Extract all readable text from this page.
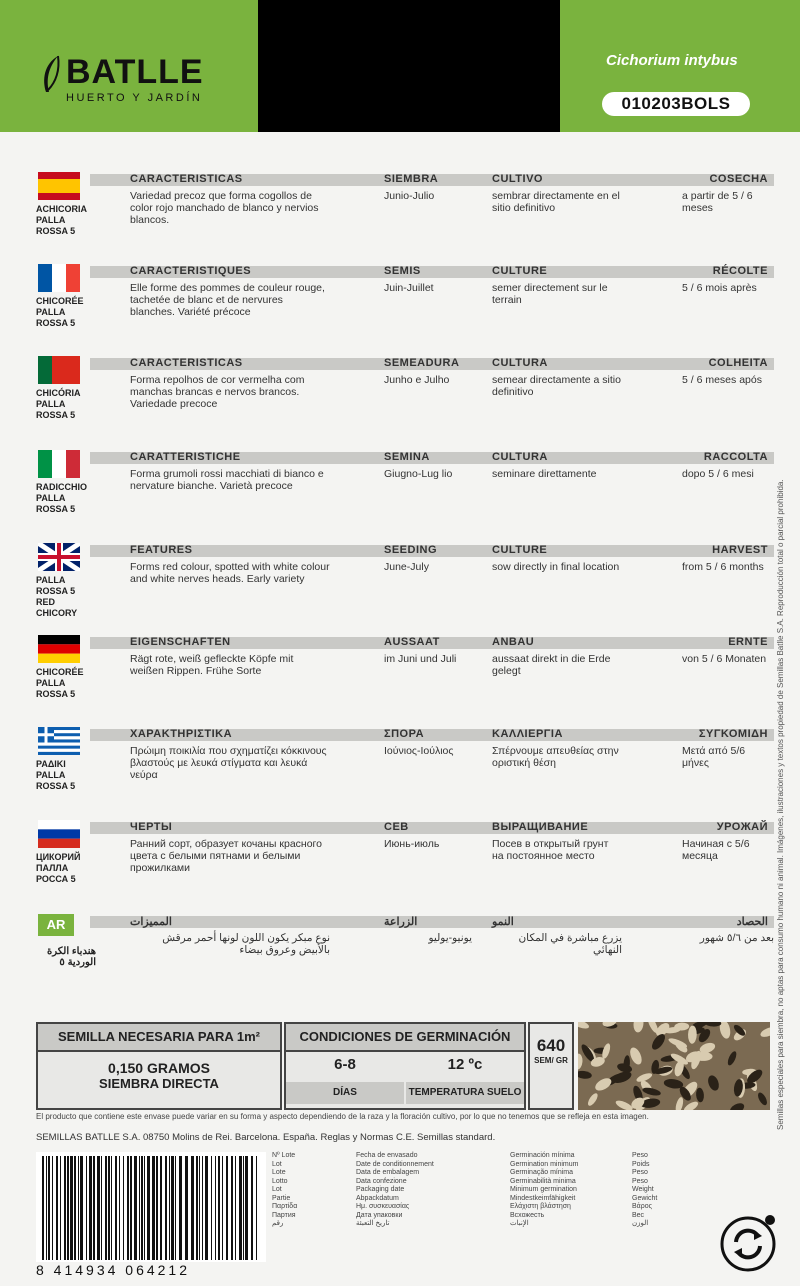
BATLLE
HUERTO Y JARDÍN
Cichorium intybus
010203BOLS
Semillas especiales para siembra, no aptas para consumo humano ni animal. Imágenes, ilustraciones y textos propiedad de Semillas Batlle S.A. Reproducción total o parcial prohibida.
ACHICORIA PALLA ROSSA 5
CARACTERISTICAS
Variedad precoz que forma cogollos de color rojo manchado de blanco y nervios blancos.
SIEMBRA
Junio-Julio
CULTIVO
sembrar directamente en el sitio definitivo
COSECHA
a partir de 5 / 6 meses
CHICORÉE PALLA ROSSA 5
CARACTERISTIQUES
Elle forme des pommes de couleur rouge, tachetée de blanc et de nervures blanches. Variété précoce
SEMIS
Juin-Juillet
CULTURE
semer directement sur le terrain
RÉCOLTE
5 / 6 mois après
CHICÓRIA PALLA ROSSA 5
CARACTERISTICAS
Forma repolhos de cor vermelha com manchas brancas e nervos brancos. Variedade precoce
SEMEADURA
Junho e Julho
CULTURA
semear directamente a sitio definitivo
COLHEITA
5 / 6 meses após
RADICCHIO PALLA ROSSA 5
CARATTERISTICHE
Forma grumoli rossi macchiati di bianco e nervature bianche. Varietà precoce
SEMINA
Giugno-Lug lio
CULTURA
seminare direttamente
RACCOLTA
dopo 5 / 6 mesi
PALLA ROSSA 5 RED CHICORY
FEATURES
Forms red colour, spotted with white colour and white nerves heads. Early variety
SEEDING
June-July
CULTURE
sow directly in final location
HARVEST
from 5 / 6 months
CHICORÉE PALLA ROSSA 5
EIGENSCHAFTEN
Rägt rote, weiß gefleckte Köpfe mit weißen Rippen. Frühe Sorte
AUSSAAT
im Juni und Juli
ANBAU
aussaat direkt in die Erde gelegt
ERNTE
von 5 / 6 Monaten
ΡΑΔΙΚΙ PALLA ROSSA 5
ΧΑΡΑΚΤΗΡΙΣΤΙΚΑ
Πρώιμη ποικιλία που σχηματίζει κόκκινους βλαστούς με λευκά στίγματα και λευκά νεύρα
ΣΠΟΡΑ
Ιούνιος-Ιούλιος
ΚΑΛΛΙΕΡΓΙΑ
Σπέρνουμε απευθείας στην οριστική θέση
ΣΥΓΚΟΜΙΔΗ
Μετά από 5/6 μήνες
ЦИКОРИЙ ПАЛЛА РОССА 5
ЧЕРТЫ
Ранний сорт, образует кочаны красного цвета с белыми пятнами и белыми прожилками
СЕВ
Июнь-июль
ВЫРАЩИВАНИЕ
Посев в открытый грунт на постоянное место
УРОЖАЙ
Начиная с 5/6 месяца
AR
هندباء الكرة الوردية ٥
المميزات
نوع مبكر يكون اللون لونها أحمر مرقش بالأبيض وعروق بيضاء
الزراعة
يونيو-يوليو
النمو
يزرع مباشرة في المكان النهائي
الحصاد
بعد من ٥/٦ شهور
SEMILLA NECESARIA PARA 1m²
0,150 GRAMOS
SIEMBRA DIRECTA
CONDICIONES DE GERMINACIÓN
6-8	12 ºc
DÍAS	TEMPERATURA SUELO
640
SEM/ GR
El producto que contiene este envase puede variar en su forma y aspecto dependiendo de la raza y la floración cultivo, por lo que no tenemos que se refleja en esta imagen.
SEMILLAS BATLLE S.A. 08750 Molins de Rei. Barcelona. España. Reglas y Normas C.E. Semillas standard.
8 414934 064212
Nº Lote
Lot
Lote
Lotto
Lot
Partie
Παρτίδα
Партия
رقم
Fecha de envasado
Date de conditionnement
Data de embalagem
Data confezione
Packaging date
Abpackdatum
Ημ. συσκευασίας
Дата упаковки
تاريخ التعبئة
Germinación mínima
Germination minimum
Germinação mínima
Germinabilità minima
Minimum germination
Mindestkeimfähigkeit
Ελάχιστη βλάστηση
Всхожесть
الإنبات
Peso
Poids
Peso
Peso
Weight
Gewicht
Βάρος
Вес
الوزن
